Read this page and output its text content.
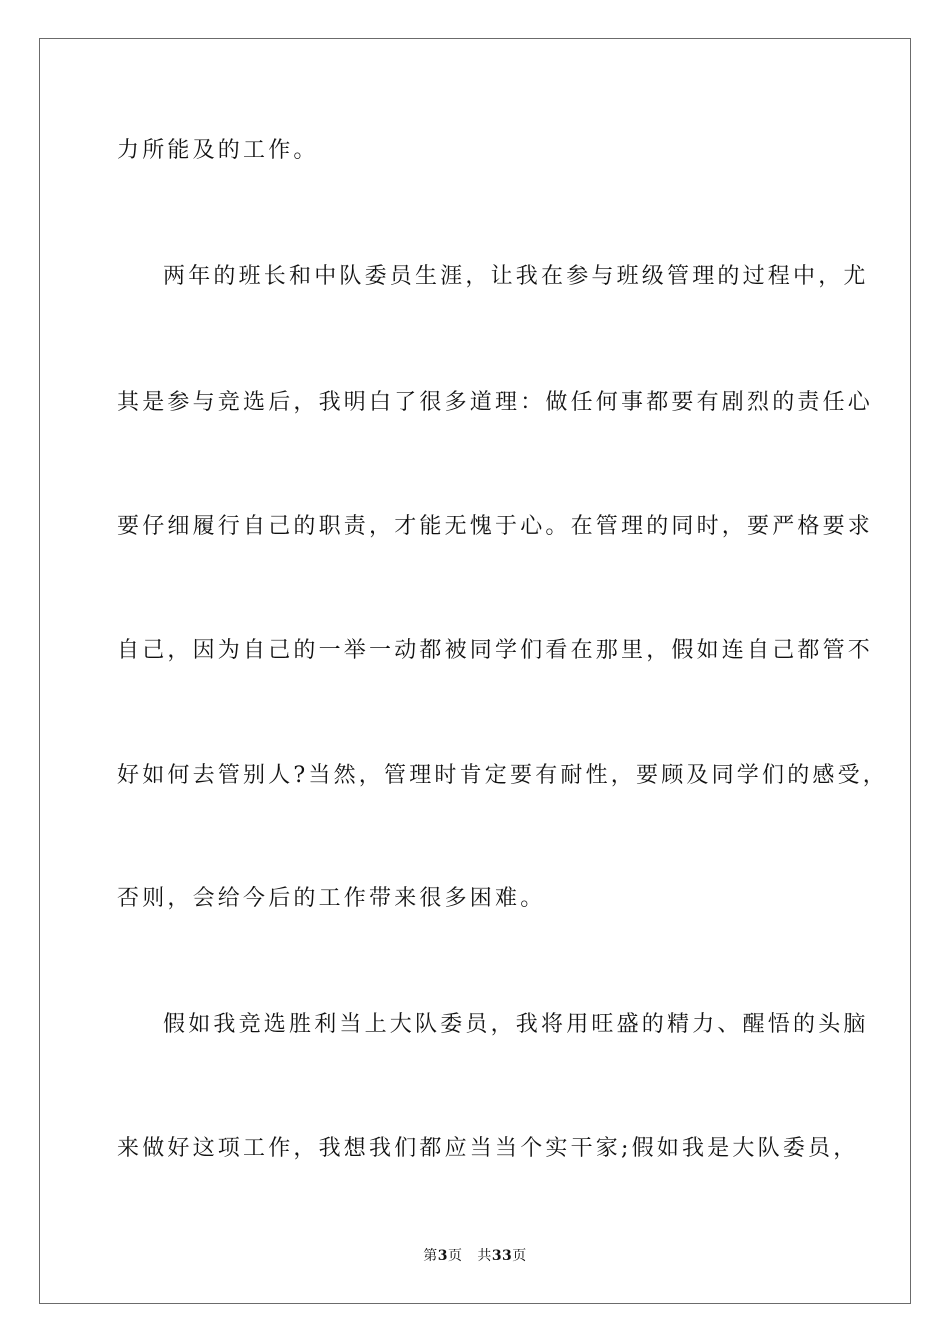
力所能及的工作。
两年的班长和中队委员生涯，让我在参与班级管理的过程中，尤
其是参与竞选后，我明白了很多道理：做任何事都要有剧烈的责任心
要仔细履行自己的职责，才能无愧于心。在管理的同时，要严格要求
自己，因为自己的一举一动都被同学们看在那里，假如连自己都管不
好如何去管别人?当然，管理时肯定要有耐性，要顾及同学们的感受，
否则，会给今后的工作带来很多困难。
假如我竞选胜利当上大队委员，我将用旺盛的精力、醒悟的头脑
来做好这项工作，我想我们都应当当个实干家;假如我是大队委员，
第3页 共33页
